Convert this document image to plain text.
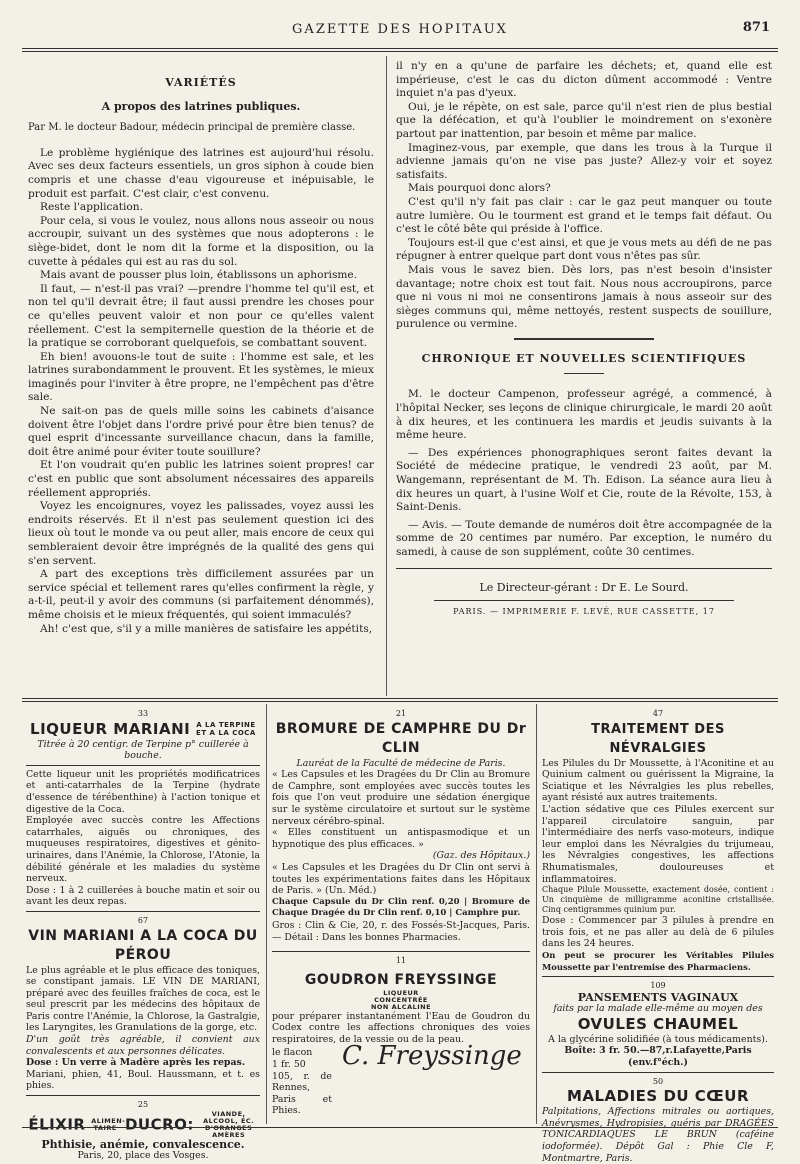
GAZETTE DES HOPITAUX	871
VARIÉTÉS
A propos des latrines publiques.

Par M. le docteur Badour, médecin principal de première classe.

Le problème hygiénique des latrines est aujourd'hui résolu. Avec ses deux facteurs essentiels, un gros siphon à coude bien compris et une chasse d'eau vigoureuse et inépuisable, le produit est parfait. C'est clair, c'est convenu.

Reste l'application.

Pour cela, si vous le voulez, nous allons nous asseoir ou nous accroupir, suivant un des systèmes que nous adopterons : le siège-bidet, dont le nom dit la forme et la disposition, ou la cuvette à pédales qui est au ras du sol.

Mais avant de pousser plus loin, établissons un aphorisme.

Il faut, — n'est-il pas vrai? —prendre l'homme tel qu'il est, et non tel qu'il devrait être; il faut aussi prendre les choses pour ce qu'elles peuvent valoir et non pour ce qu'elles valent réellement. C'est la sempiternelle question de la théorie et de la pratique se corroborant quelquefois, se combattant souvent.

Eh bien! avouons-le tout de suite : l'homme est sale, et les latrines surabondamment le prouvent. Et les systèmes, le mieux imaginés pour l'inviter à être propre, ne l'empêchent pas d'être sale.

Ne sait-on pas de quels mille soins les cabinets d'aisance doivent être l'objet dans l'ordre privé pour être bien tenus? de quel esprit d'incessante surveillance chacun, dans la famille, doit être animé pour éviter toute souillure?

Et l'on voudrait qu'en public les latrines soient propres! car c'est en public que sont absolument nécessaires des appareils réellement appropriés.

Voyez les encoignures, voyez les palissades, voyez aussi les endroits réservés. Et il n'est pas seulement question ici des lieux où tout le monde va ou peut aller, mais encore de ceux qui sembleraient devoir être imprégnés de la qualité des gens qui s'en servent.

A part des exceptions très difficilement assurées par un service spécial et tellement rares qu'elles confirment la règle, y a-t-il, peut-il y avoir des communs (si parfaitement dénommés), même choisis et le mieux fréquentés, qui soient immaculés?

Ah! c'est que, s'il y a mille manières de satisfaire les appétits,

il n'y en a qu'une de parfaire les déchets; et, quand elle est impérieuse, c'est le cas du dicton dûment accommodé : Ventre inquiet n'a pas d'yeux.

Oui, je le répète, on est sale, parce qu'il n'est rien de plus bestial que la défécation, et qu'à l'oublier le moindrement on s'exonère partout par inattention, par besoin et même par malice.

Imaginez-vous, par exemple, que dans les trous à la Turque il advienne jamais qu'on ne vise pas juste? Allez-y voir et soyez satisfaits.

Mais pourquoi donc alors?

C'est qu'il n'y fait pas clair : car le gaz peut manquer ou toute autre lumière. Ou le tourment est grand et le temps fait défaut. Ou c'est le côté bête qui préside à l'office.

Toujours est-il que c'est ainsi, et que je vous mets au défi de ne pas répugner à entrer quelque part dont vous n'êtes pas sûr.

Mais vous le savez bien. Dès lors, pas n'est besoin d'insister davantage; notre choix est tout fait. Nous nous accroupirons, parce que ni vous ni moi ne consentirons jamais à nous asseoir sur des sièges communs qui, même nettoyés, restent suspects de souillure, purulence ou vermine.

CHRONIQUE ET NOUVELLES SCIENTIFIQUES

M. le docteur Campenon, professeur agrégé, a commencé, à l'hôpital Necker, ses leçons de clinique chirurgicale, le mardi 20 août à dix heures, et les continuera les mardis et jeudis suivants à la même heure.

— Des expériences phonographiques seront faites devant la Société de médecine pratique, le vendredi 23 août, par M. Wangemann, représentant de M. Th. Edison. La séance aura lieu à dix heures un quart, à l'usine Wolf et Cie, route de la Révolte, 153, à Saint-Denis.

— Avis. — Toute demande de numéros doit être accompagnée de la somme de 20 centimes par numéro. Par exception, le numéro du samedi, à cause de son supplément, coûte 30 centimes.

Le Directeur-gérant : Dr E. Le Sourd.
PARIS. — IMPRIMERIE F. LEVÉ, RUE CASSETTE, 17
33
LIQUEUR MARIANI A LA TERPINE ET A LA COCA

Titrée à 20 centigr. de Terpine p° cuillerée à bouche.

Cette liqueur unit les propriétés modificatrices et anti-catarrhales de la Terpine (hydrate d'essence de térébenthine) à l'action tonique et digestive de la Coca.

Employée avec succès contre les Affections catarrhales, aiguës ou chroniques, des muqueuses respiratoires, digestives et génito-urinaires, dans l'Anémie, la Chlorose, l'Atonie, la débilité générale et les maladies du système nerveux.

Dose : 1 à 2 cuillerées à bouche matin et soir ou avant les deux repas.

67
VIN MARIANI A LA COCA DU PÉROU

Le plus agréable et le plus efficace des toniques, se constipant jamais. LE VIN DE MARIANI, préparé avec des feuilles fraîches de coca, est le seul prescrit par les médecins des hôpitaux de Paris contre l'Anémie, la Chlorose, la Gastralgie, les Laryngites, les Granulations de la gorge, etc.

D'un goût très agréable, il convient aux convalescents et aux personnes délicates.

Dose : Un verre à Madère après les repas.

Mariani, phien, 41, Boul. Haussmann, et t. es phies.

25
ÉLIXIR ALIMEN-TAIRE DUCRO: VIANDE, ALCOOL, ÉC. D'ORANGES AMÈRES

Phthisie, anémie, convalescence.

Paris, 20, place des Vosges.

21
BROMURE DE CAMPHRE DU Dr CLIN

Lauréat de la Faculté de médecine de Paris.

« Les Capsules et les Dragées du Dr Clin au Bromure de Camphre, sont employées avec succès toutes les fois que l'on veut produire une sédation énergique sur le système circulatoire et surtout sur le système nerveux cérébro-spinal.

« Elles constituent un antispasmodique et un hypnotique des plus efficaces. »

(Gaz. des Hôpitaux.)

« Les Capsules et les Dragées du Dr Clin ont servi à toutes les expérimentations faites dans les Hôpitaux de Paris. » (Un. Méd.)

Chaque Capsule du Dr Clin renf. 0,20 | Bromure de Chaque Dragée du Dr Clin renf. 0,10 | Camphre pur.

Gros : Clin & Cie, 20, r. des Fossés-St-Jacques, Paris. — Détail : Dans les bonnes Pharmacies.

11
GOUDRON FREYSSINGE LIQUEUR CONCENTRÉE NON ALCALINE

pour préparer instantanément l'Eau de Goudron du Codex contre les affections chroniques des voies respiratoires, de la vessie ou de la peau.

le flacon

1 fr. 50

105, r. de Rennes, Paris et Phies.

C. Freyssinge
47
TRAITEMENT DES NÉVRALGIES

Les Pilules du Dr Moussette, à l'Aconitine et au Quinium calment ou guérissent la Migraine, la Sciatique et les Névralgies les plus rebelles, ayant résisté aux autres traitements.

L'action sédative que ces Pilules exercent sur l'appareil circulatoire sanguin, par l'intermédiaire des nerfs vaso-moteurs, indique leur emploi dans les Névralgies du trijumeau, les Névralgies congestives, les affections Rhumatismales, douloureuses et inflammatoires.

Chaque Pilule Moussette, exactement dosée, contient : Un cinquième de milligramme aconitine cristallisée. Cinq centigrammes quinium pur.

Dose : Commencer par 3 pilules à prendre en trois fois, et ne pas aller au delà de 6 pilules dans les 24 heures.

On peut se procurer les Véritables Pilules Moussette par l'entremise des Pharmaciens.

109
PANSEMENTS VAGINAUX

faits par la malade elle-même au moyen des

OVULES CHAUMEL

A la glycérine solidifiée (à tous médicaments).

Boîte: 3 fr. 50.—87,r.Lafayette,Paris (env.f°éch.)

50
MALADIES DU CŒUR

Palpitations, Affections mitrales ou aortiques, Anévrysmes, Hydropisies, guéris par DRAGÉES TONICARDIAQUES LE BRUN (caféine iodoformée). Dépôt Gal : Phie Cle F, Montmartre, Paris.
